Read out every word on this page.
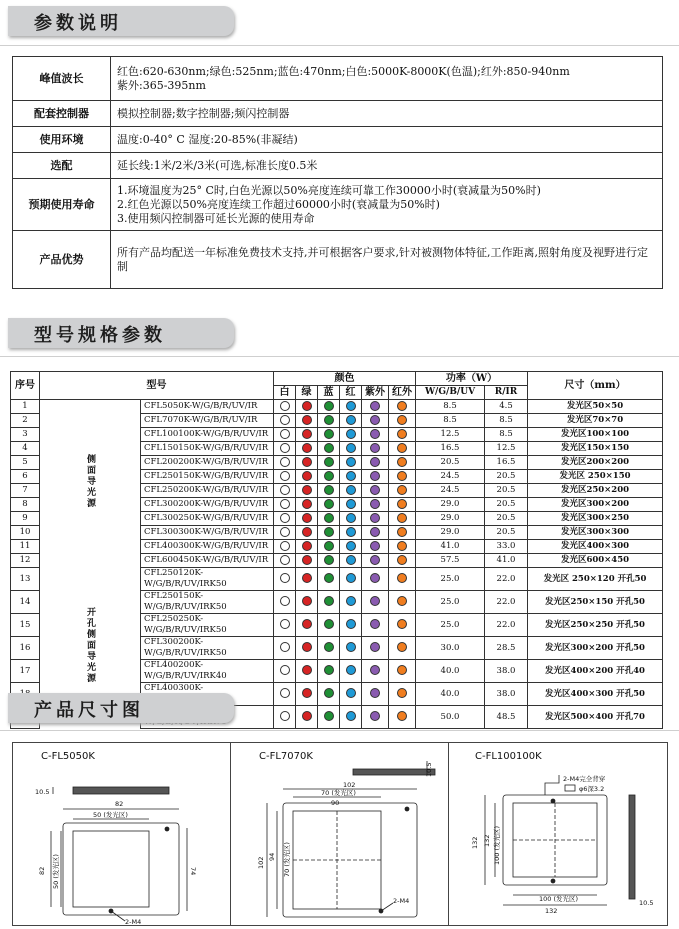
参数说明
峰值波长	红色:620-630nm;绿色:525nm;蓝色:470nm;白色:5000K-8000K(色温);红外:850-940nm
紫外:365-395nm

配套控制器	模拟控制器;数字控制器;频闪控制器

使用环境	温度:0-40° C 湿度:20-85%(非凝结)

选配	延长线:1米/2米/3米(可选,标准长度0.5米

预期使用寿命	1.环境温度为25° C时,白色光源以50%亮度连续可靠工作30000小时(衰减量为50%时)
2.红色光源以50%亮度连续工作超过60000小时(衰减量为50%时)
3.使用频闪控制器可延长光源的使用寿命

产品优势	所有产品均配送一年标准免费技术支持,并可根据客户要求,针对被测物体特征,工作距离,照射角度及视野进行定制
型号规格参数
序号	型号		颜色						功率（W）		尺寸（mm）
			白	绿	蓝	红	紫外	红外	W/G/B/UV	R/IR	
1	侧面导光源	CFL5050K-W/G/B/R/UV/IR							8.5	4.5	发光区50×50
2		CFL7070K-W/G/B/R/UV/IR							8.5	8.5	发光区70×70
3		CFL100100K-W/G/B/R/UV/IR							12.5	8.5	发光区100×100
4		CFL150150K-W/G/B/R/UV/IR							16.5	12.5	发光区150×150
5		CFL200200K-W/G/B/R/UV/IR							20.5	16.5	发光区200×200
6		CFL250150K-W/G/B/R/UV/IR							24.5	20.5	发光区 250×150
7		CFL250200K-W/G/B/R/UV/IR							24.5	20.5	发光区250×200
8		CFL300200K-W/G/B/R/UV/IR							29.0	20.5	发光区300×200
9		CFL300250K-W/G/B/R/UV/IR							29.0	20.5	发光区300×250
10		CFL300300K-W/G/B/R/UV/IR							29.0	20.5	发光区300×300
11		CFL400300K-W/G/B/R/UV/IR							41.0	33.0	发光区400×300
12		CFL600450K-W/G/B/R/UV/IR							57.5	41.0	发光区600×450
13	开孔侧面导光源	CFL250120K-W/G/B/R/UV/IRK50							25.0	22.0	发光区 250×120 开孔50
14		CFL250150K-W/G/B/R/UV/IRK50							25.0	22.0	发光区250×150 开孔50
15		CFL250250K-W/G/B/R/UV/IRK50							25.0	22.0	发光区250×250 开孔50
16		CFL300200K-W/G/B/R/UV/IRK50							30.0	28.5	发光区300×200 开孔50
17		CFL400200K-W/G/B/R/UV/IRK40							40.0	38.0	发光区400×200 开孔40
	CFL400300K-							40.0	38.0	发光区400×300 开孔50
								50.0	48.5	发光区500×400 开孔70
产品尺寸图
C-FL5050K
10.5
82
50 (发光区)
82 50 (发光区)	74
2-M4
C-FL7070K
10.5
102
70 (发光区)
90
102	70 (发光区)
94
2-M4
C-FL100100K
2-M4完全背穿
φ6深3.2
132 100 (发光区)
132
100 (发光区)
132
10.5
